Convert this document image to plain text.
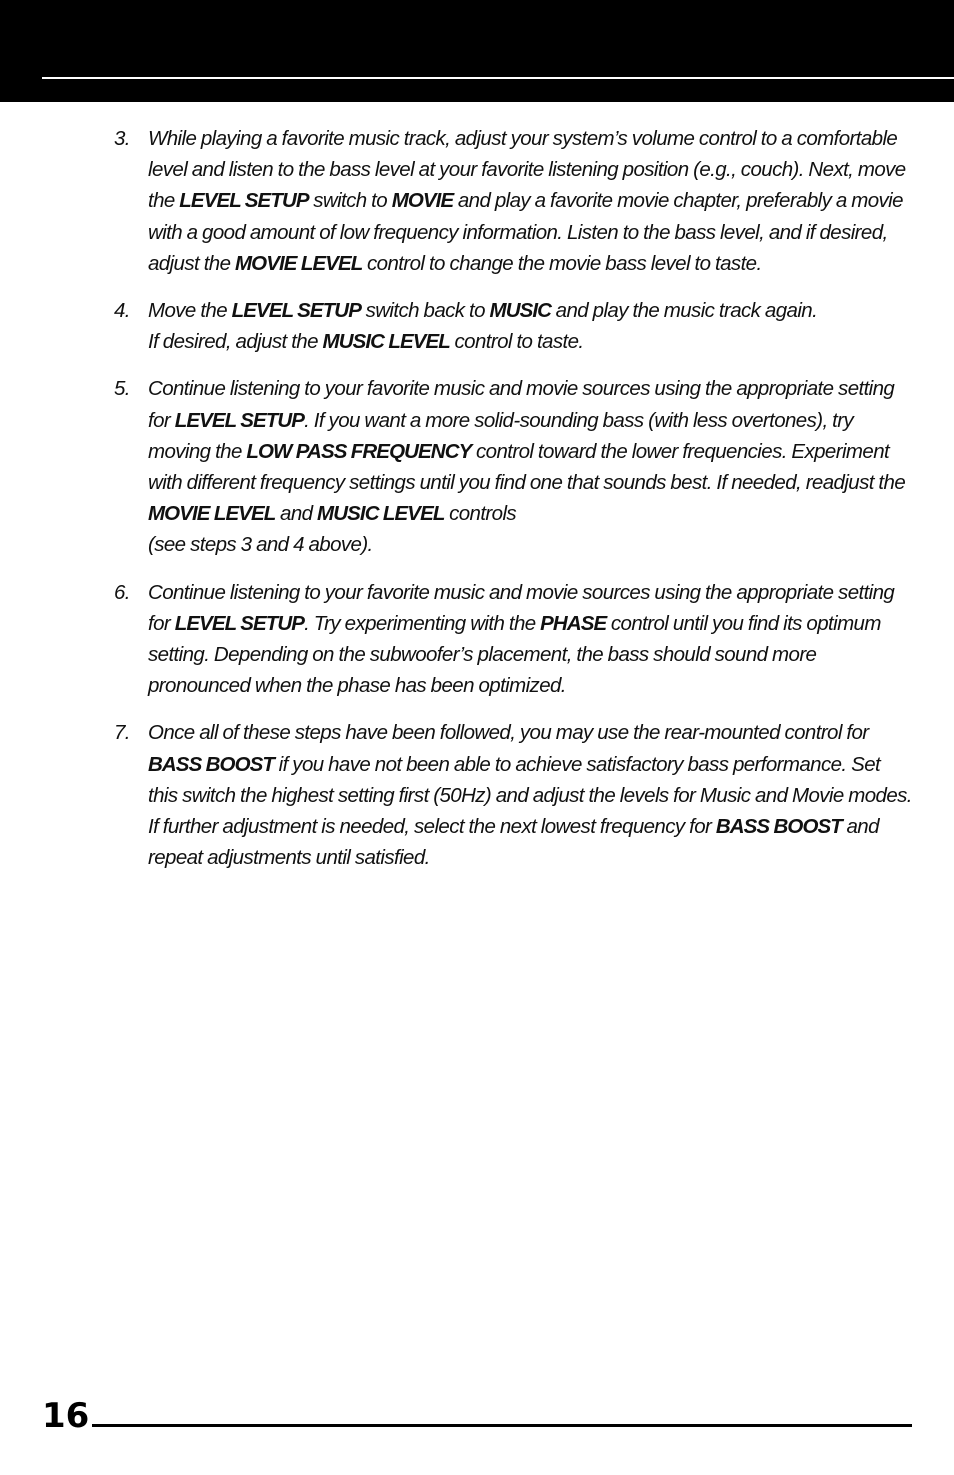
3. While playing a favorite music track, adjust your system’s volume control to a comfortable level and listen to the bass level at your favorite listening position (e.g., couch). Next, move the LEVEL SETUP switch to MOVIE and play a favorite movie chapter, preferably a movie with a good amount of low frequency information. Listen to the bass level, and if desired, adjust the MOVIE LEVEL control to change the movie bass level to taste.
4. Move the LEVEL SETUP switch back to MUSIC and play the music track again.
If desired, adjust the MUSIC LEVEL control to taste.
5. Continue listening to your favorite music and movie sources using the appropriate setting for LEVEL SETUP. If you want a more solid-sounding bass (with less overtones), try moving the LOW PASS FREQUENCY control toward the lower frequencies. Experiment with different frequency settings until you find one that sounds best. If needed, readjust the MOVIE LEVEL and MUSIC LEVEL controls
(see steps 3 and 4 above).
6. Continue listening to your favorite music and movie sources using the appropriate setting for LEVEL SETUP. Try experimenting with the PHASE control until you find its optimum setting. Depending on the subwoofer’s placement, the bass should sound more pronounced when the phase has been optimized.
7. Once all of these steps have been followed, you may use the rear-mounted control for BASS BOOST if you have not been able to achieve satisfactory bass performance. Set this switch the highest setting first (50Hz) and adjust the levels for Music and Movie modes. If further adjustment is needed, select the next lowest frequency for BASS BOOST and repeat adjustments until satisfied.
16
